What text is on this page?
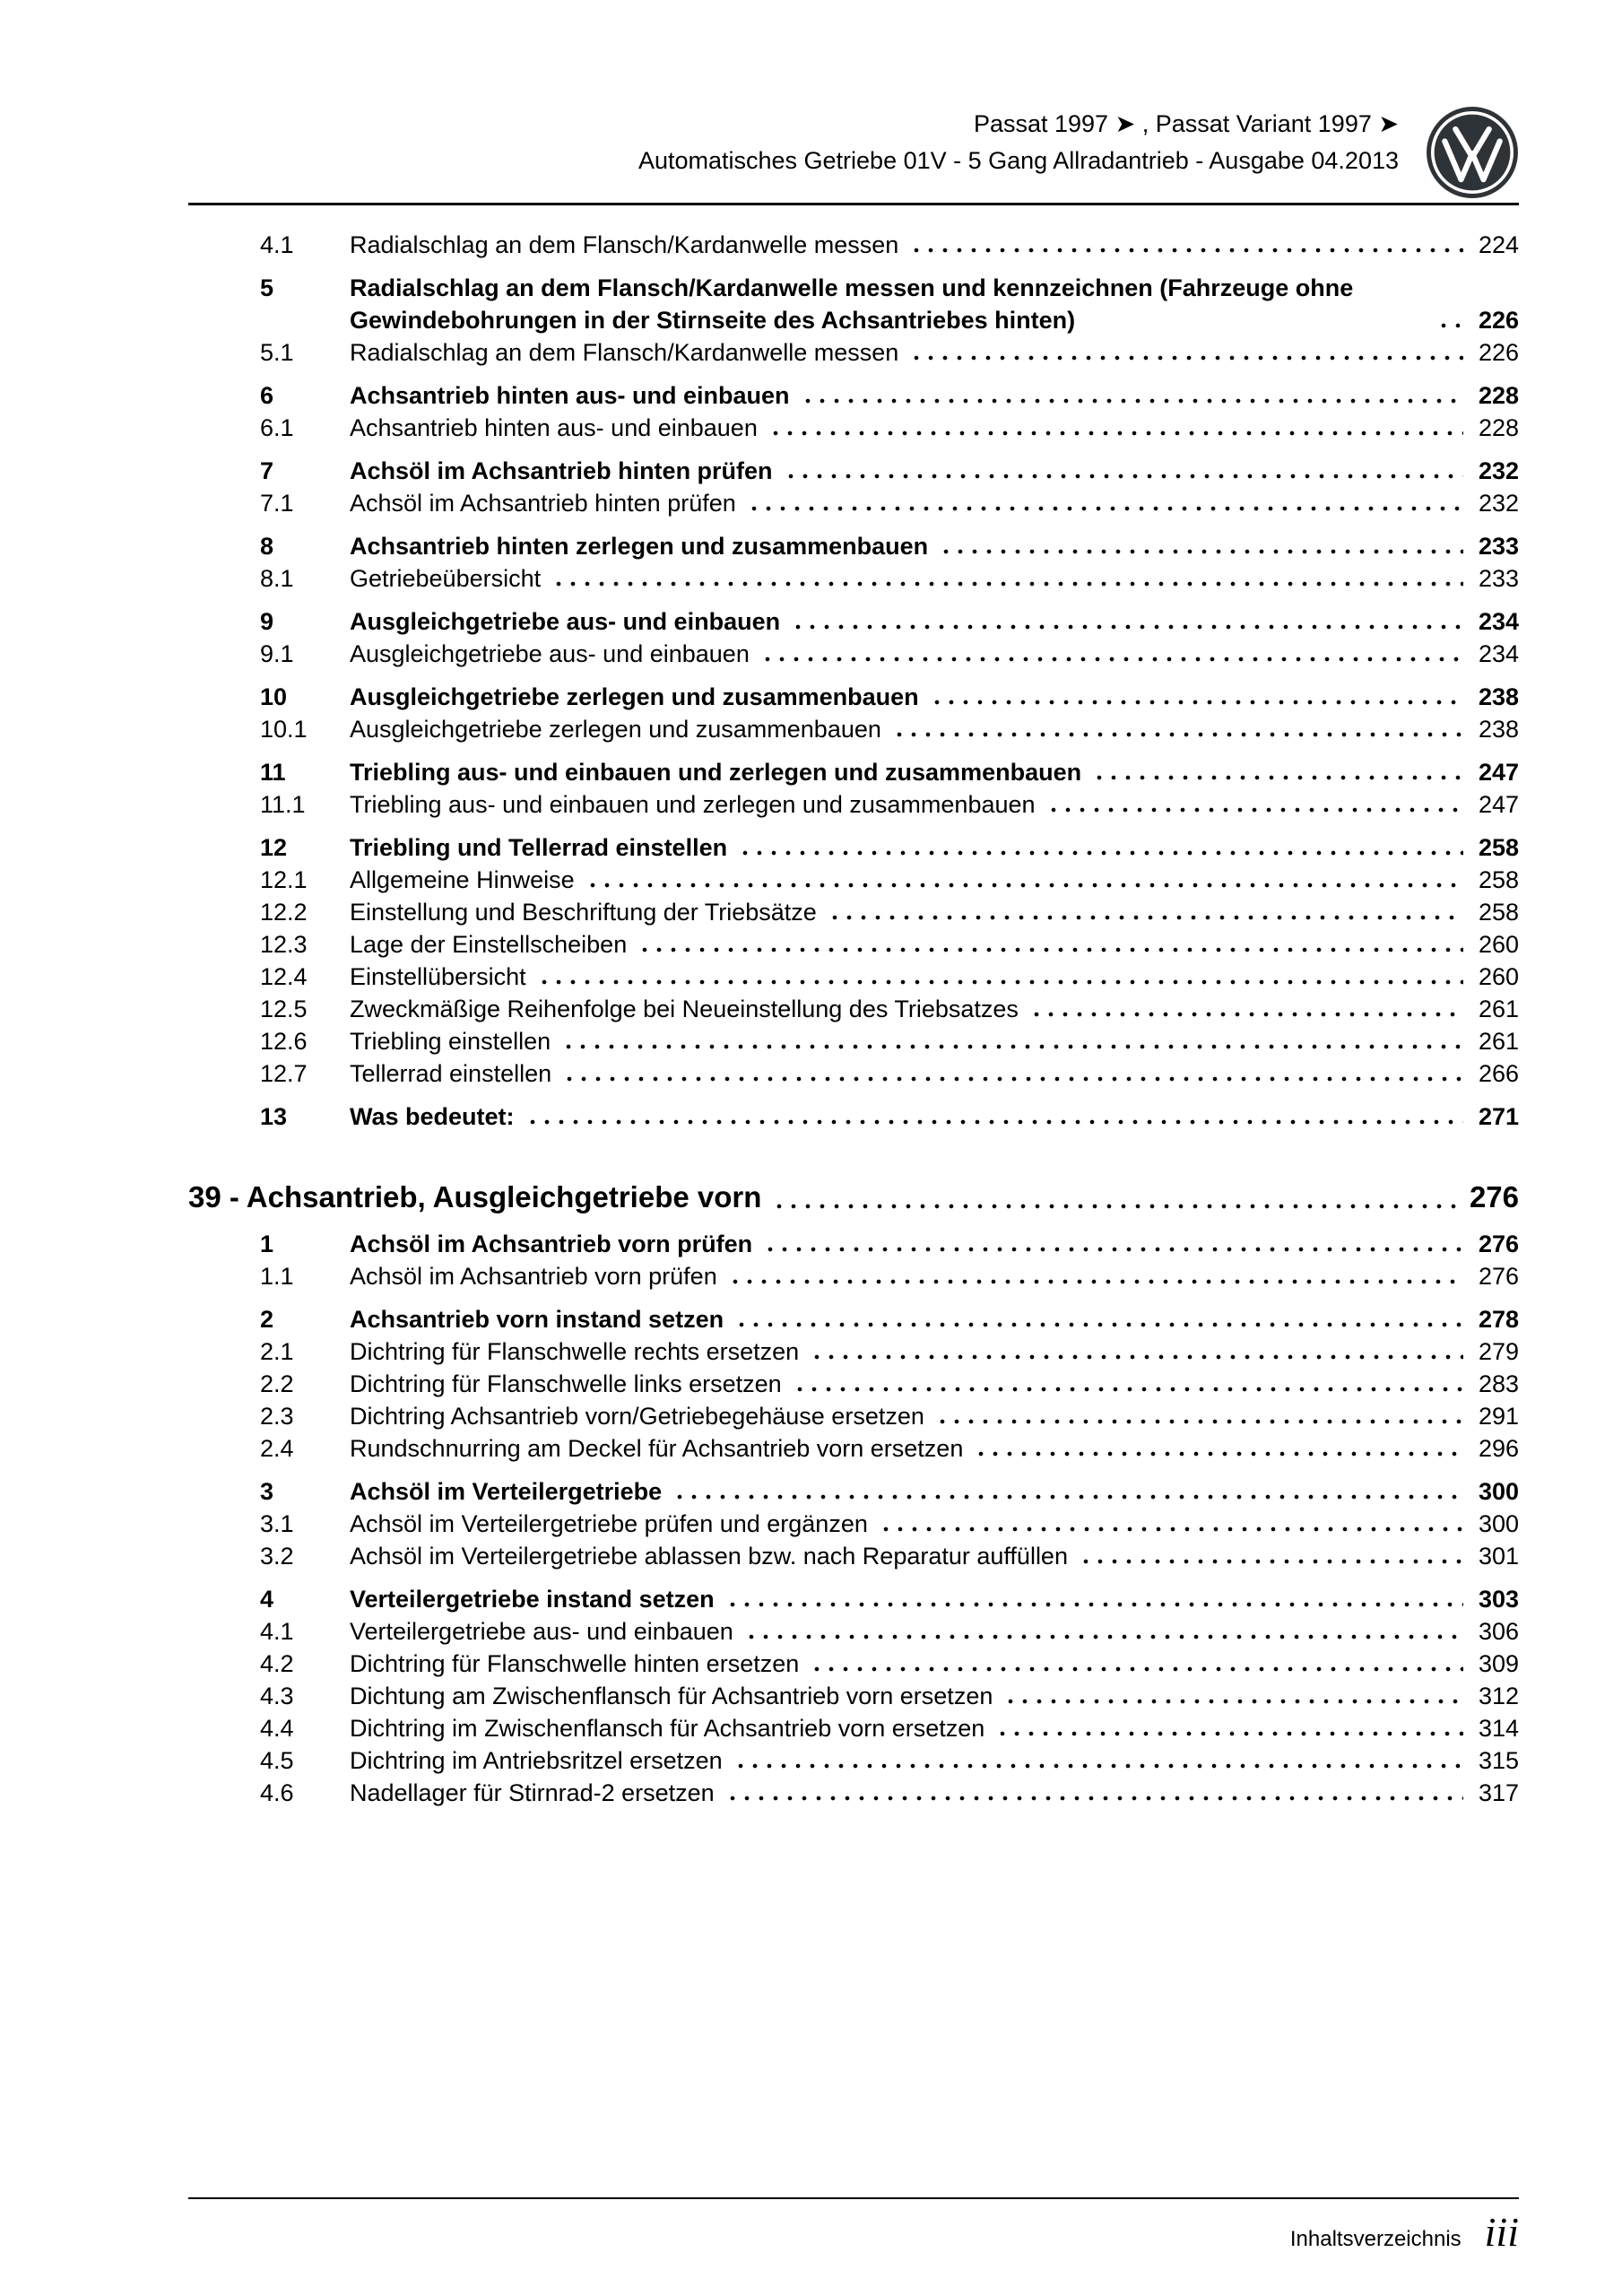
Passat 1997 ➤ , Passat Variant 1997 ➤
Automatisches Getriebe 01V - 5 Gang Allradantrieb - Ausgabe 04.2013
4.1	Radialschlag an dem Flansch/Kardanwelle messen	224
5	Radialschlag an dem Flansch/Kardanwelle messen und kennzeichnen (Fahrzeuge ohne Gewindebohrungen in der Stirnseite des Achsantriebes hinten)	226
5.1	Radialschlag an dem Flansch/Kardanwelle messen	226
6	Achsantrieb hinten aus- und einbauen	228
6.1	Achsantrieb hinten aus- und einbauen	228
7	Achsöl im Achsantrieb hinten prüfen	232
7.1	Achsöl im Achsantrieb hinten prüfen	232
8	Achsantrieb hinten zerlegen und zusammenbauen	233
8.1	Getriebeübersicht	233
9	Ausgleichgetriebe aus- und einbauen	234
9.1	Ausgleichgetriebe aus- und einbauen	234
10	Ausgleichgetriebe zerlegen und zusammenbauen	238
10.1	Ausgleichgetriebe zerlegen und zusammenbauen	238
11	Triebling aus- und einbauen und zerlegen und zusammenbauen	247
11.1	Triebling aus- und einbauen und zerlegen und zusammenbauen	247
12	Triebling und Tellerrad einstellen	258
12.1	Allgemeine Hinweise	258
12.2	Einstellung und Beschriftung der Triebsätze	258
12.3	Lage der Einstellscheiben	260
12.4	Einstellübersicht	260
12.5	Zweckmäßige Reihenfolge bei Neueinstellung des Triebsatzes	261
12.6	Triebling einstellen	261
12.7	Tellerrad einstellen	266
13	Was bedeutet:	271
39 - Achsantrieb, Ausgleichgetriebe vorn	276
1	Achsöl im Achsantrieb vorn prüfen	276
1.1	Achsöl im Achsantrieb vorn prüfen	276
2	Achsantrieb vorn instand setzen	278
2.1	Dichtring für Flanschwelle rechts ersetzen	279
2.2	Dichtring für Flanschwelle links ersetzen	283
2.3	Dichtring Achsantrieb vorn/Getriebegehäuse ersetzen	291
2.4	Rundschnurring am Deckel für Achsantrieb vorn ersetzen	296
3	Achsöl im Verteilergetriebe	300
3.1	Achsöl im Verteilergetriebe prüfen und ergänzen	300
3.2	Achsöl im Verteilergetriebe ablassen bzw. nach Reparatur auffüllen	301
4	Verteilergetriebe instand setzen	303
4.1	Verteilergetriebe aus- und einbauen	306
4.2	Dichtring für Flanschwelle hinten ersetzen	309
4.3	Dichtung am Zwischenflansch für Achsantrieb vorn ersetzen	312
4.4	Dichtring im Zwischenflansch für Achsantrieb vorn ersetzen	314
4.5	Dichtring im Antriebsritzel ersetzen	315
4.6	Nadellager für Stirnrad-2 ersetzen	317
Inhaltsverzeichnis iii
